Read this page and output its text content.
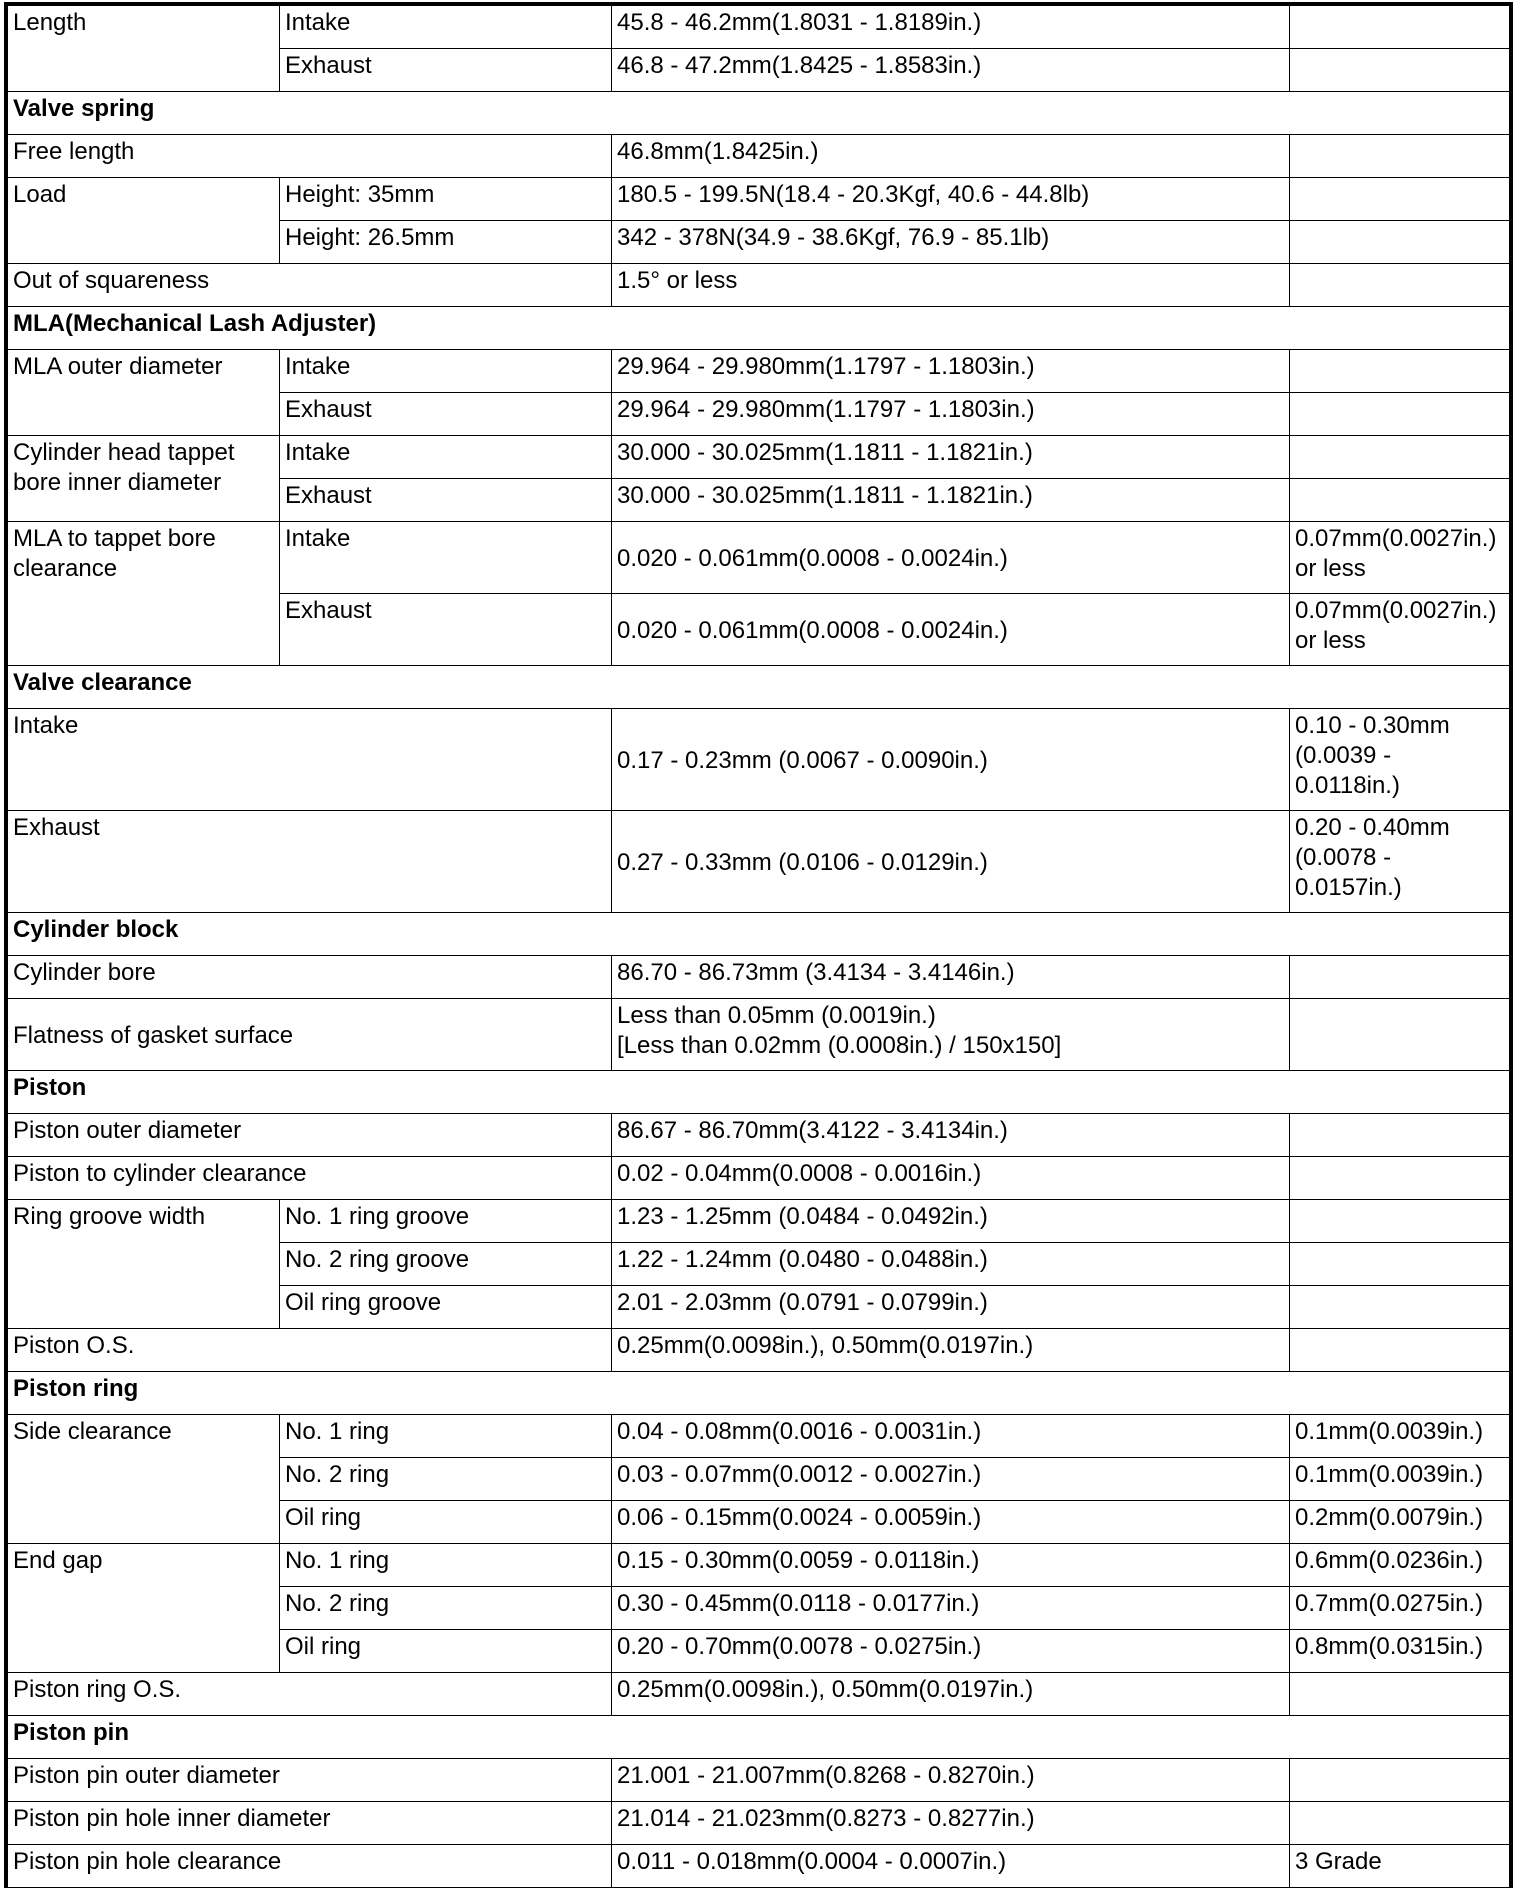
Length	Intake	45.8 - 46.2mm(1.8031 - 1.8189in.)	
	Exhaust	46.8 - 47.2mm(1.8425 - 1.8583in.)	
Valve spring			
Free length		46.8mm(1.8425in.)	
Load	Height: 35mm	180.5 - 199.5N(18.4 - 20.3Kgf, 40.6 - 44.8lb)	
	Height: 26.5mm	342 - 378N(34.9 - 38.6Kgf, 76.9 - 85.1lb)	
Out of squareness		1.5° or less	
MLA(Mechanical Lash Adjuster)			
MLA outer diameter	Intake	29.964 - 29.980mm(1.1797 - 1.1803in.)	
	Exhaust	29.964 - 29.980mm(1.1797 - 1.1803in.)	
Cylinder head tappet
bore inner diameter	Intake	30.000 - 30.025mm(1.1811 - 1.1821in.)	
	Exhaust	30.000 - 30.025mm(1.1811 - 1.1821in.)	
MLA to tappet bore
clearance	Intake	0.020 - 0.061mm(0.0008 - 0.0024in.)	0.07mm(0.0027in.)
or less
	Exhaust	0.020 - 0.061mm(0.0008 - 0.0024in.)	0.07mm(0.0027in.)
or less
Valve clearance			
Intake		0.17 - 0.23mm (0.0067 - 0.0090in.)	0.10 - 0.30mm
(0.0039 -
0.0118in.)
Exhaust		0.27 - 0.33mm (0.0106 - 0.0129in.)	0.20 - 0.40mm
(0.0078 -
0.0157in.)
Cylinder block			
Cylinder bore		86.70 - 86.73mm (3.4134 - 3.4146in.)	
Flatness of gasket surface		Less than 0.05mm (0.0019in.)
[Less than 0.02mm (0.0008in.) / 150x150]	
Piston			
Piston outer diameter		86.67 - 86.70mm(3.4122 - 3.4134in.)	
Piston to cylinder clearance		0.02 - 0.04mm(0.0008 - 0.0016in.)	
Ring groove width	No. 1 ring groove	1.23 - 1.25mm (0.0484 - 0.0492in.)	
	No. 2 ring groove	1.22 - 1.24mm (0.0480 - 0.0488in.)	
	Oil ring groove	2.01 - 2.03mm (0.0791 - 0.0799in.)	
Piston O.S.		0.25mm(0.0098in.), 0.50mm(0.0197in.)	
Piston ring			
Side clearance	No. 1 ring	0.04 - 0.08mm(0.0016 - 0.0031in.)	0.1mm(0.0039in.)
	No. 2 ring	0.03 - 0.07mm(0.0012 - 0.0027in.)	0.1mm(0.0039in.)
	Oil ring	0.06 - 0.15mm(0.0024 - 0.0059in.)	0.2mm(0.0079in.)
End gap	No. 1 ring	0.15 - 0.30mm(0.0059 - 0.0118in.)	0.6mm(0.0236in.)
	No. 2 ring	0.30 - 0.45mm(0.0118 - 0.0177in.)	0.7mm(0.0275in.)
	Oil ring	0.20 - 0.70mm(0.0078 - 0.0275in.)	0.8mm(0.0315in.)
Piston ring O.S.		0.25mm(0.0098in.), 0.50mm(0.0197in.)	
Piston pin			
Piston pin outer diameter		21.001 - 21.007mm(0.8268 - 0.8270in.)	
Piston pin hole inner diameter		21.014 - 21.023mm(0.8273 - 0.8277in.)	
Piston pin hole clearance		0.011 - 0.018mm(0.0004 - 0.0007in.)	3 Grade
